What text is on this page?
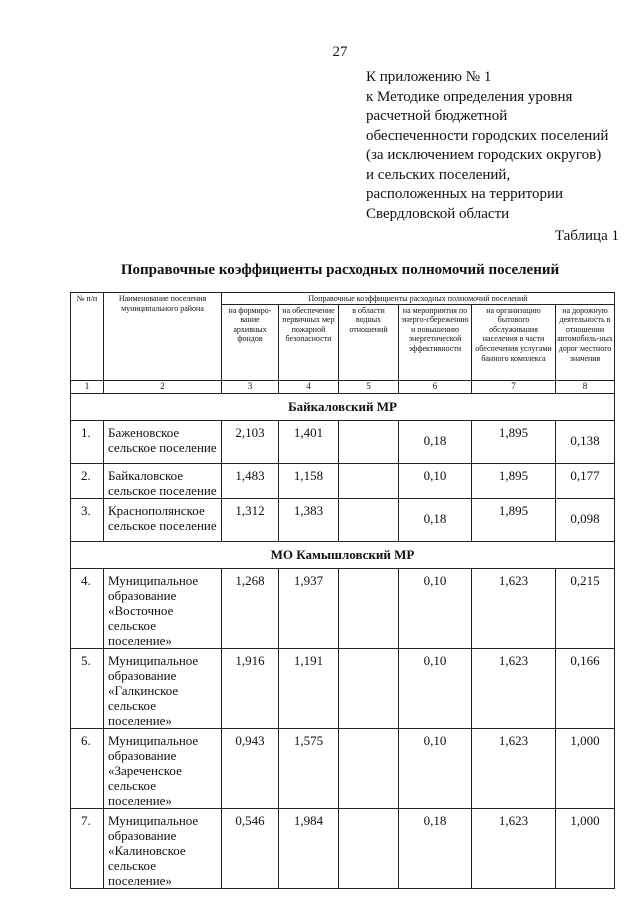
27
К приложению № 1
к Методике определения уровня
расчетной бюджетной
обеспеченности городских поселений
(за исключением городских округов)
и сельских поселений,
расположенных на территории
Свердловской области
Таблица 1
Поправочные коэффициенты расходных полномочий поселений
№ п/п	Наименование поселения муниципального района	Поправочные коэффициенты расходных полномочий поселений					
		на формиро-вание архивных фондов	на обеспечение первичных мер пожарной безопасности	в области водных отношений	на мероприятия по энерго-сбережению и повышению энергетической эффективности	на организацию бытового обслуживания населения в части обеспечения услугами банного комплекса	на дорожную деятельность в отношении автомобиль-ных дорог местного значения
1	2	3	4	5	6	7	8
Байкаловский МР							
1.	Баженовское
сельское поселение	2,103	1,401		0,18	1,895	0,138
2.	Байкаловское
сельское поселение	1,483	1,158		0,10	1,895	0,177
3.	Краснополянское
сельское поселение	1,312	1,383		0,18	1,895	0,098
МО Камышловский МР							
4.	Муниципальное
образование
«Восточное
сельское
поселение»	1,268	1,937		0,10	1,623	0,215
5.	Муниципальное
образование
«Галкинское
сельское
поселение»	1,916	1,191		0,10	1,623	0,166
6.	Муниципальное
образование
«Зареченское
сельское
поселение»	0,943	1,575		0,10	1,623	1,000
7.	Муниципальное
образование
«Калиновское
сельское
поселение»	0,546	1,984		0,18	1,623	1,000
